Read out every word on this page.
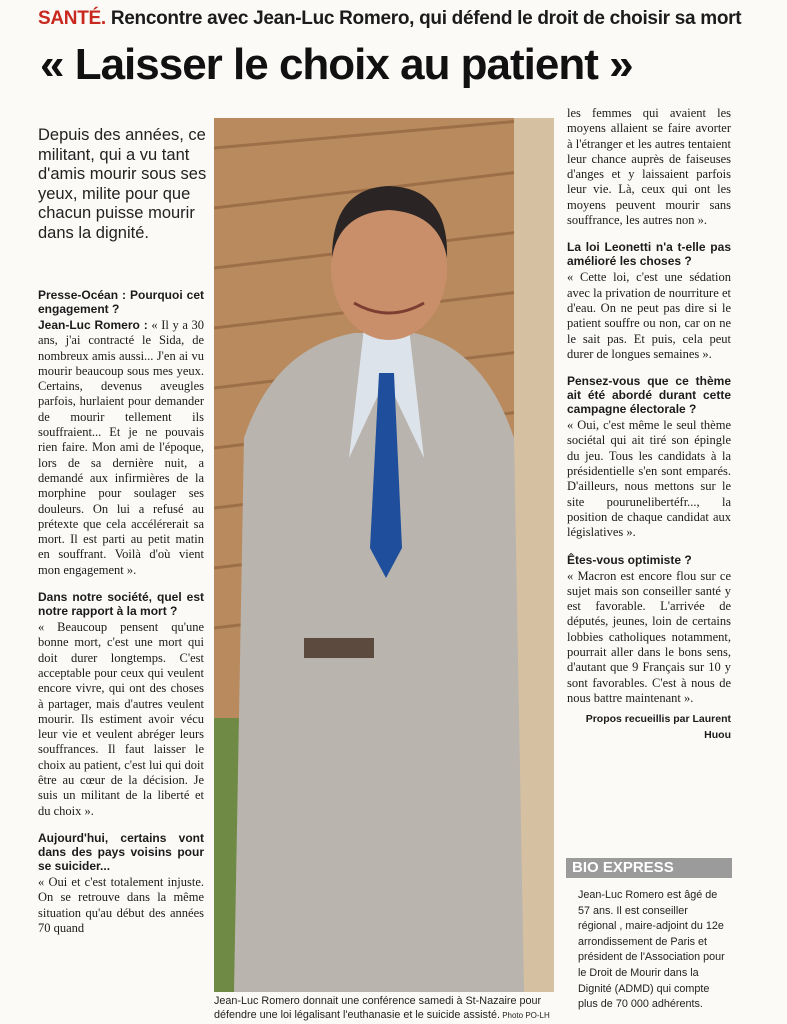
SANTÉ. Rencontre avec Jean-Luc Romero, qui défend le droit de choisir sa mort
« Laisser le choix au patient »
Depuis des années, ce militant, qui a vu tant d'amis mourir sous ses yeux, milite pour que chacun puisse mourir dans la dignité.
Presse-Océan : Pourquoi cet engagement ?

Jean-Luc Romero : « Il y a 30 ans, j'ai contracté le Sida, de nombreux amis aussi... J'en ai vu mourir beaucoup sous mes yeux. Certains, devenus aveugles parfois, hurlaient pour demander de mourir tellement ils souffraient... Et je ne pouvais rien faire. Mon ami de l'époque, lors de sa dernière nuit, a demandé aux infirmières de la morphine pour soulager ses douleurs. On lui a refusé au prétexte que cela accélérerait sa mort. Il est parti au petit matin en souffrant. Voilà d'où vient mon engagement ».

Dans notre société, quel est notre rapport à la mort ?

« Beaucoup pensent qu'une bonne mort, c'est une mort qui doit durer longtemps. C'est acceptable pour ceux qui veulent encore vivre, qui ont des choses à partager, mais d'autres veulent mourir. Ils estiment avoir vécu leur vie et veulent abréger leurs souffrances. Il faut laisser le choix au patient, c'est lui qui doit être au cœur de la décision. Je suis un militant de la liberté et du choix ».

Aujourd'hui, certains vont dans des pays voisins pour se suicider...

« Oui et c'est totalement injuste. On se retrouve dans la même situation qu'au début des années 70 quand

Jean-Luc Romero donnait une conférence samedi à St-Nazaire pour défendre une loi légalisant l'euthanasie et le suicide assisté. Photo PO-LH

les femmes qui avaient les moyens allaient se faire avorter à l'étranger et les autres tentaient leur chance auprès de faiseuses d'anges et y laissaient parfois leur vie. Là, ceux qui ont les moyens peuvent mourir sans souffrance, les autres non ».

La loi Leonetti n'a t-elle pas amélioré les choses ?

« Cette loi, c'est une sédation avec la privation de nourriture et d'eau. On ne peut pas dire si le patient souffre ou non, car on ne le sait pas. Et puis, cela peut durer de longues semaines ».

Pensez-vous que ce thème ait été abordé durant cette campagne électorale ?

« Oui, c'est même le seul thème sociétal qui ait tiré son épingle du jeu. Tous les candidats à la présidentielle s'en sont emparés. D'ailleurs, nous mettons sur le site pourunelibertéfr..., la position de chaque candidat aux législatives ».

Êtes-vous optimiste ?

« Macron est encore flou sur ce sujet mais son conseiller santé y est favorable. L'arrivée de députés, jeunes, loin de certains lobbies catholiques notamment, pourrait aller dans le bons sens, d'autant que 9 Français sur 10 y sont favorables. C'est à nous de nous battre maintenant ».

Propos recueillis par Laurent Huou
BIO EXPRESS
Jean-Luc Romero est âgé de 57 ans. Il est conseiller régional , maire-adjoint du 12e arrondissement de Paris et président de l'Association pour le Droit de Mourir dans la Dignité (ADMD) qui compte plus de 70 000 adhérents.
